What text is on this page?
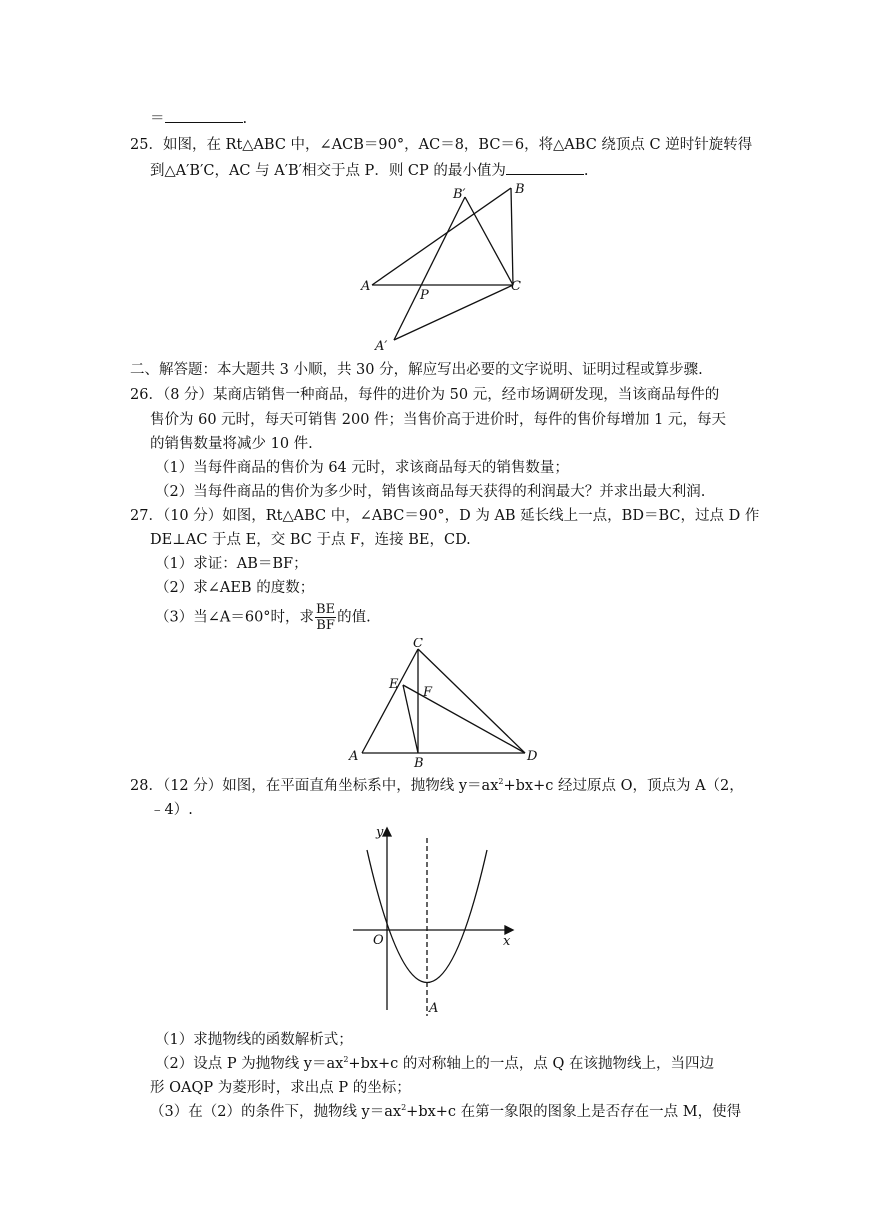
＝	.
25．如图，在 Rt△ABC 中，∠ACB＝90°，AC＝8，BC＝6，将△ABC 绕顶点 C 逆时针旋转得
到△A′B′C，AC 与 A′B′相交于点 P．则 CP 的最小值为	.
B′	B
A
P
C
A′
二、解答题：本大题共 3 小顺，共 30 分，解应写出必要的文字说明、证明过程或算步骤.
26．（8 分）某商店销售一种商品，每件的进价为 50 元，经市场调研发现，当该商品每件的
售价为 60 元时，每天可销售 200 件；当售价高于进价时，每件的售价每增加 1 元，每天
的销售数量将减少 10 件.
（1）当每件商品的售价为 64 元时，求该商品每天的销售数量；
（2）当每件商品的售价为多少时，销售该商品每天获得的利润最大？并求出最大利润.
27．（10 分）如图，Rt△ABC 中，∠ABC＝90°，D 为 AB 延长线上一点，BD＝BC，过点 D 作
DE⊥AC 于点 E，交 BC 于点 F，连接 BE，CD.
（1）求证：AB＝BF；
（2）求∠AEB 的度数；
（3）当∠A＝60°时，求 $\frac{BE}{BF}$ 的值.
C
E
F
A	B	D
28．（12 分）如图，在平面直角坐标系中，抛物线 $y=ax^2+bx+c$ 经过原点 O，顶点为 A（2，
﹣4）.
y
x
O
A
（1）求抛物线的函数解析式；
（2）设点 P 为抛物线 $y=ax^2+bx+c$ 的对称轴上的一点，点 Q 在该抛物线上，当四边
形 OAQP 为菱形时，求出点 P 的坐标；
（3）在（2）的条件下，抛物线 $y=ax^2+bx+c$ 在第一象限的图象上是否存在一点 M，使得
